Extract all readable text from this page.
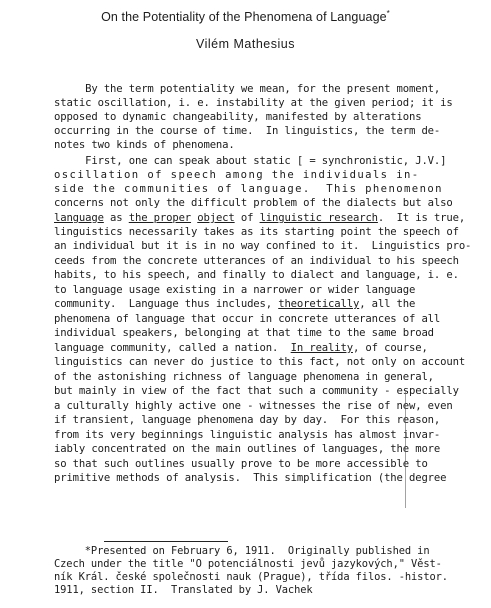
On the Potentiality of the Phenomena of Language*
Vilém Mathesius
By the term potentiality we mean, for the present moment,
static oscillation, i. e. instability at the given period; it is
opposed to dynamic changeability, manifested by alterations
occurring in the course of time.  In linguistics, the term de-
notes two kinds of phenomena.
First, one can speak about static [ = synchronistic, J.V.]
oscillation of speech among the individuals in-
side the communities of language.  This phenomenon
concerns not only the difficult problem of the dialects but also
language as the proper object of linguistic research.  It is true,
linguistics necessarily takes as its starting point the speech of
an individual but it is in no way confined to it.  Linguistics pro-
ceeds from the concrete utterances of an individual to his speech
habits, to his speech, and finally to dialect and language, i. e.
to language usage existing in a narrower or wider language
community.  Language thus includes, theoretically, all the
phenomena of language that occur in concrete utterances of all
individual speakers, belonging at that time to the same broad
language community, called a nation.  In reality, of course,
linguistics can never do justice to this fact, not only on account
of the astonishing richness of language phenomena in general,
but mainly in view of the fact that such a community - especially
a culturally highly active one - witnesses the rise of new, even
if transient, language phenomena day by day.  For this reason,
from its very beginnings linguistic analysis has almost invar-
iably concentrated on the main outlines of languages, the more
so that such outlines usually prove to be more accessible to
primitive methods of analysis.  This simplification (the degree
*Presented on February 6, 1911.  Originally published in
Czech under the title "O potenciálnosti jevů jazykových," Věst-
ník Král. české společnosti nauk (Prague), třída filos. -histor.
1911, section II.  Translated by J. Vachek
